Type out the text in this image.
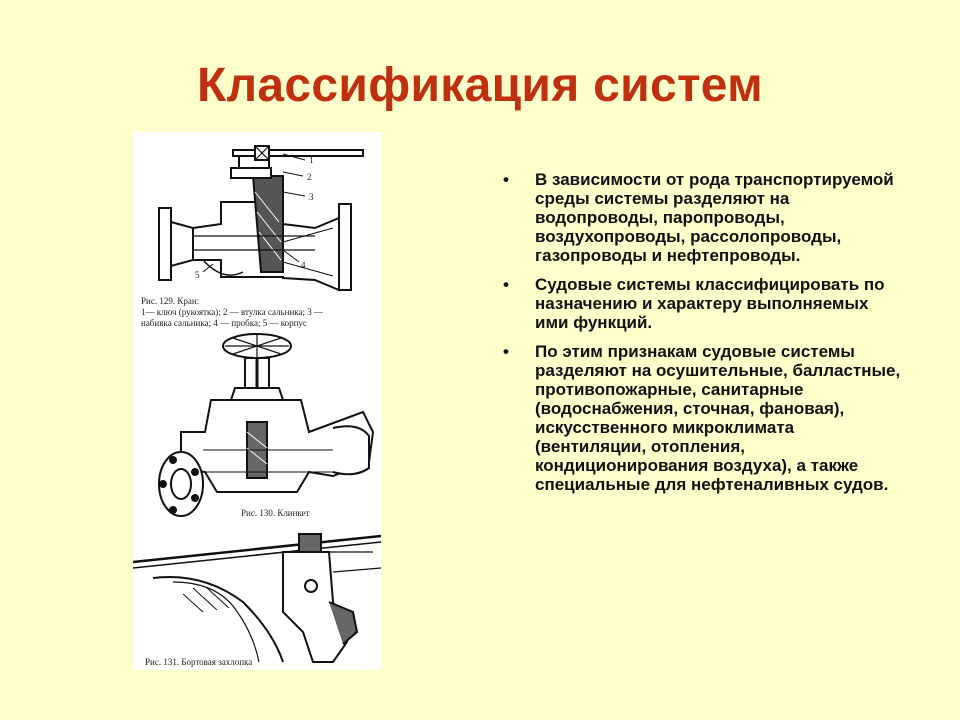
Классификация систем
1
2
3
4
5
Рис. 129. Кран:
1— ключ (рукоятка); 2 — втулка сальника; 3 —
набивка сальника; 4 — пробка; 5 — корпус
Рис. 130. Клинкет
Рис. 131. Бортовая захлопка
• В зависимости от рода транспортируемой среды системы разделяют на водопроводы, паропроводы, воздухопроводы, рассолопроводы, газопроводы и нефтепроводы.
• Судовые системы классифицировать по назначению и характеру выполняемых ими функций.
• По этим признакам судовые системы разделяют на осушительные, балластные, противопожарные, санитарные (водоснабжения, сточная, фановая), искусственного микроклимата (вентиляции, отопления, кондиционирования воздуха), а также специальные для нефтеналивных судов.
